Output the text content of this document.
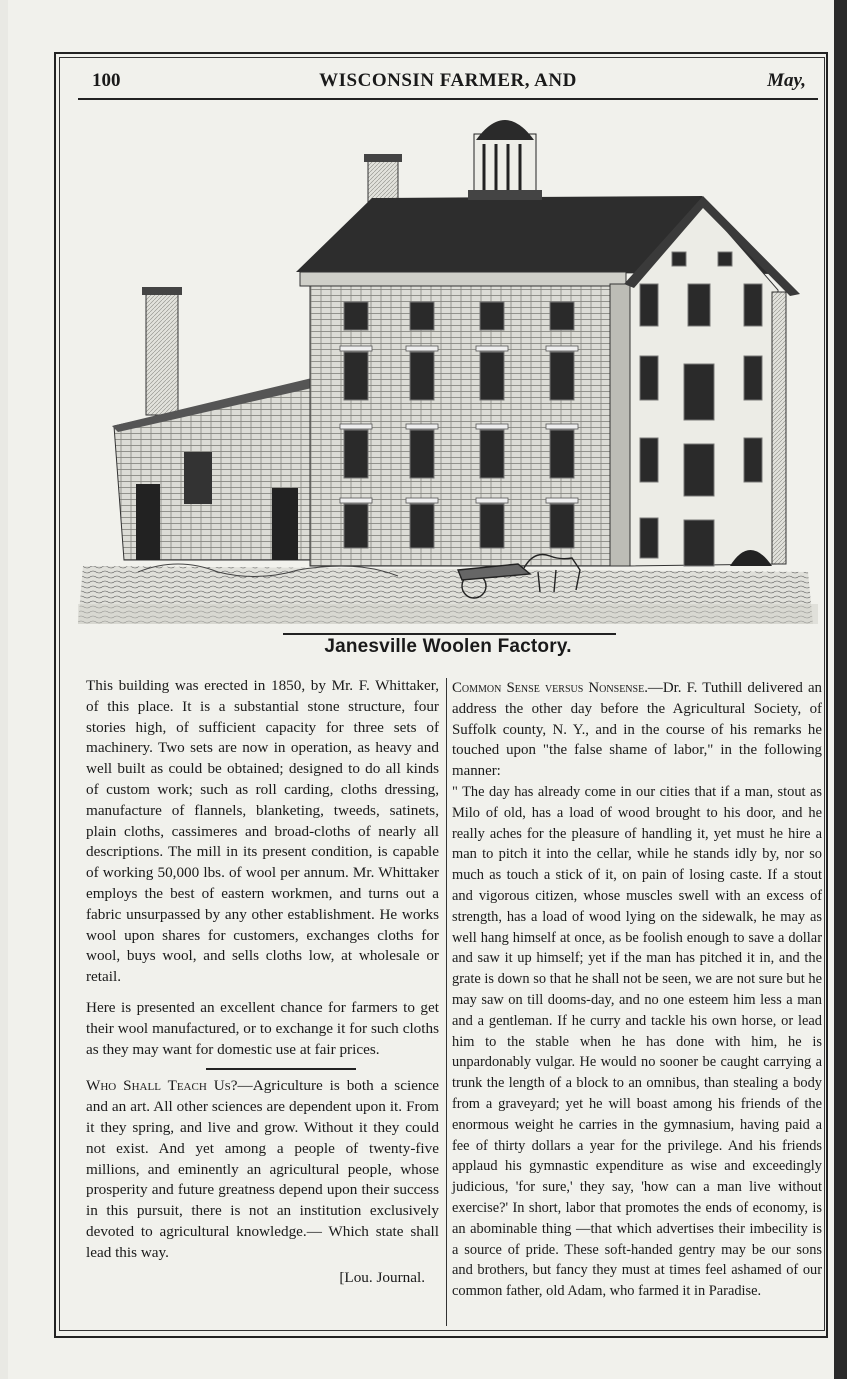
100	WISCONSIN FARMER, AND	May,
Janesville Woolen Factory.

This building was erected in 1850, by Mr. F. Whittaker, of this place. It is a substantial stone structure, four stories high, of sufficient capacity for three sets of machinery. Two sets are now in operation, as heavy and well built as could be obtained; designed to do all kinds of custom work; such as roll carding, cloths dressing, manufacture of flannels, blanketing, tweeds, satinets, plain cloths, cassimeres and broad-cloths of nearly all descriptions. The mill in its present condition, is capable of working 50,000 lbs. of wool per annum. Mr. Whittaker employs the best of eastern workmen, and turns out a fabric unsurpassed by any other establishment. He works wool upon shares for customers, exchanges cloths for wool, buys wool, and sells cloths low, at wholesale or retail.

Here is presented an excellent chance for farmers to get their wool manufactured, or to exchange it for such cloths as they may want for domestic use at fair prices.

Who Shall Teach Us?—Agriculture is both a science and an art. All other sciences are dependent upon it. From it they spring, and live and grow. Without it they could not exist. And yet among a people of twenty-five millions, and eminently an agricultural people, whose prosperity and future greatness depend upon their success in this pursuit, there is not an institution exclusively devoted to agricultural knowledge.— Which state shall lead this way.

[Lou. Journal.

Common Sense versus Nonsense.—Dr. F. Tuthill delivered an address the other day before the Agricultural Society, of Suffolk county, N. Y., and in the course of his remarks he touched upon "the false shame of labor," in the following manner:

" The day has already come in our cities that if a man, stout as Milo of old, has a load of wood brought to his door, and he really aches for the pleasure of handling it, yet must he hire a man to pitch it into the cellar, while he stands idly by, nor so much as touch a stick of it, on pain of losing caste. If a stout and vigorous citizen, whose muscles swell with an excess of strength, has a load of wood lying on the sidewalk, he may as well hang himself at once, as be foolish enough to save a dollar and saw it up himself; yet if the man has pitched it in, and the grate is down so that he shall not be seen, we are not sure but he may saw on till dooms-day, and no one esteem him less a man and a gentleman. If he curry and tackle his own horse, or lead him to the stable when he has done with him, he is unpardonably vulgar. He would no sooner be caught carrying a trunk the length of a block to an omnibus, than stealing a body from a graveyard; yet he will boast among his friends of the enormous weight he carries in the gymnasium, having paid a fee of thirty dollars a year for the privilege. And his friends applaud his gymnastic expenditure as wise and exceedingly judicious, 'for sure,' they say, 'how can a man live without exercise?' In short, labor that promotes the ends of economy, is an abominable thing —that which advertises their imbecility is a source of pride. These soft-handed gentry may be our sons and brothers, but fancy they must at times feel ashamed of our common father, old Adam, who farmed it in Paradise.
